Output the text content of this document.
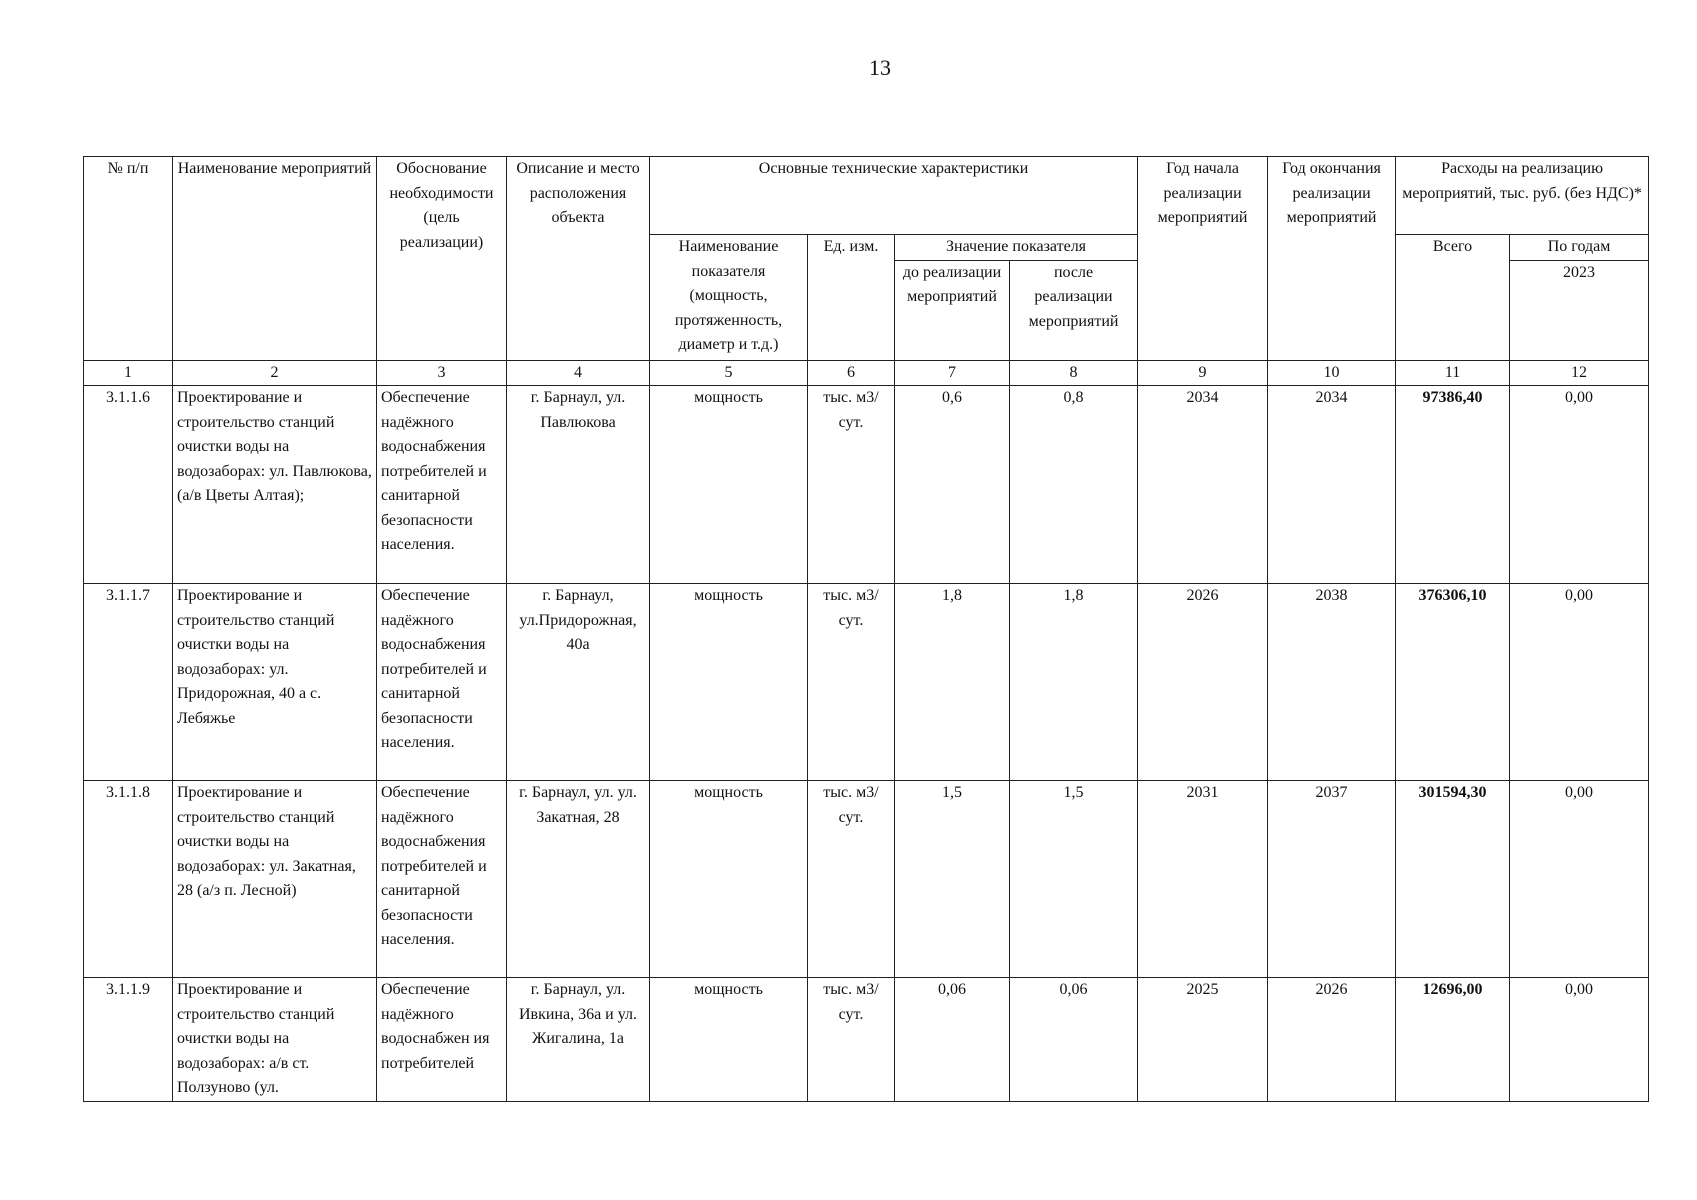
13
№ п/п	Наименование мероприятий	Обоснование необходимости (цель реализации)	Описание и место расположения объекта	Основные технические характеристики				Год начала реализации мероприятий	Год окончания реализации мероприятий	Расходы на реализацию мероприятий, тыс. руб. (без НДС)*	
				Наименование показателя (мощность, протяженность, диаметр и т.д.)	Ед. изм.	Значение показателя				Всего	По годам
						до реализации мероприятий	после реализации мероприятий				2023

1	2	3	4	5	6	7	8	9	10	11	12
3.1.1.6	Проектирование и строительство станций очистки воды на водозаборах: ул. Павлюкова, (а/в Цветы Алтая);	Обеспечение надёжного водоснабжения потребителей и санитарной безопасности населения.	г. Барнаул, ул. Павлюкова	мощность	тыс. м3/сут.	0,6	0,8	2034	2034	97386,40	0,00
3.1.1.7	Проектирование и строительство станций очистки воды на водозаборах: ул. Придорожная, 40 а с. Лебяжье	Обеспечение надёжного водоснабжения потребителей и санитарной безопасности населения.	г. Барнаул, ул.Придорожная, 40а	мощность	тыс. м3/сут.	1,8	1,8	2026	2038	376306,10	0,00
3.1.1.8	Проектирование и строительство станций очистки воды на водозаборах: ул. Закатная, 28 (а/з п. Лесной)	Обеспечение надёжного водоснабжения потребителей и санитарной безопасности населения.	г. Барнаул, ул. ул. Закатная, 28	мощность	тыс. м3/сут.	1,5	1,5	2031	2037	301594,30	0,00
3.1.1.9	Проектирование и строительство станций очистки воды на водозаборах: а/в ст. Ползуново (ул.	Обеспечение надёжного водоснабжен ия потребителей	г. Барнаул, ул. Ивкина, 36а и ул. Жигалина, 1а	мощность	тыс. м3/сут.	0,06	0,06	2025	2026	12696,00	0,00
